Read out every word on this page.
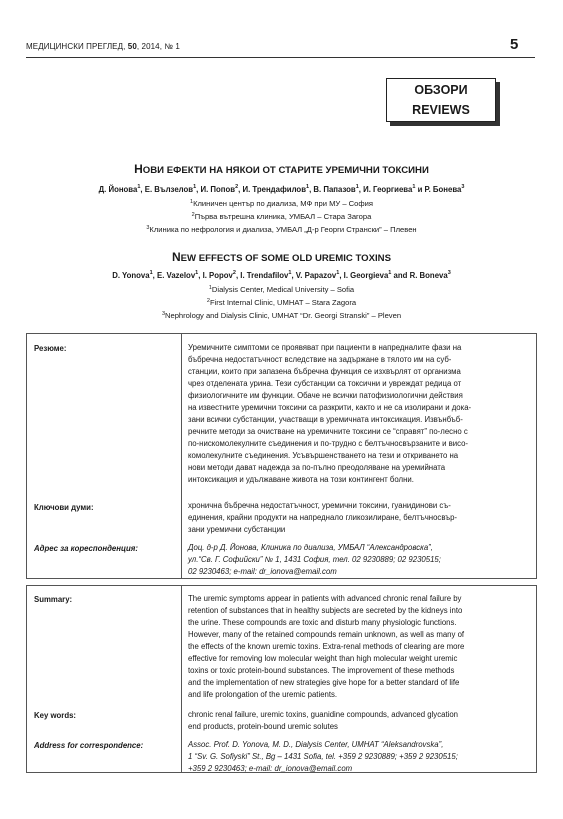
МЕДИЦИНСКИ ПРЕГЛЕД, 50, 2014, № 1	5
ОБЗОРИ
REVIEWS
НОВИ ЕФЕКТИ НА НЯКОИ ОТ СТАРИТЕ УРЕМИЧНИ ТОКСИНИ
Д. Йонова$^1$, Е. Вълзелов$^1$, И. Попов$^2$, И. Трендафилов$^1$, В. Папазов$^1$, И. Георгиева$^1$ и Р. Бонева$^3$
$^1$Клиничен център по диализа, МФ при МУ – София
$^2$Първа вътрешна клиника, УМБАЛ – Стара Загора
$^3$Клиника по нефрология и диализа, УМБАЛ „Д-р Георги Странски” – Плевен
NEW EFFECTS OF SOME OLD UREMIC TOXINS
D. Yonova$^1$, E. Vazelov$^1$, I. Popov$^2$, I. Trendafilov$^1$, V. Papazov$^1$, I. Georgieva$^1$ and R. Boneva$^3$
$^1$Dialysis Center, Medical University – Sofia
$^2$First Internal Clinic, UMHAT – Stara Zagora
$^3$Nephrology and Dialysis Clinic, UMHAT “Dr. Georgi Stranski” – Pleven
Резюме:	Уремичните симптоми се проявяват при пациенти в напредналите фази на
бъбречна недостатъчност вследствие на задържане в тялото им на суб-
станции, които при запазена бъбречна функция се изхвърлят от организма
чрез отделената урина. Тези субстанции са токсични и увреждат редица от
физиологичните им функции. Обаче не всички патофизиологични действия
на известните уремични токсини са разкрити, както и не са изолирани и дока-
зани всички субстанции, участващи в уремичната интоксикация. Извънбъб-
речните методи за очистване на уремичните токсини се “справят” по-лесно с
по-нискомолекулните съединения и по-трудно с белтъчносвързаните и висо-
комолекулните съединения. Усъвършенстването на тези и откриването на
нови методи дават надежда за по-пълно преодоляване на уремийната
интоксикация и удължаване живота на този контингент болни.
Ключови думи:	хронична бъбречна недостатъчност, уремични токсини, гуанидинови съ-
единения, крайни продукти на напреднало гликозилиране, белтъчносвър-
зани уремични субстанции
Адрес за кореспонденция:	Доц. д-р Д. Йонова, Клиника по диализа, УМБАЛ “Александровска”,
ул.“Св. Г. Софийски” № 1, 1431 София, тел. 02 9230889; 02 9230515;
02 9230463; e-mail: dr_ionova@email.com
Summary:	The uremic symptoms appear in patients with advanced chronic renal failure by
retention of substances that in healthy subjects are secreted by the kidneys into
the urine. These compounds are toxic and disturb many physiologic functions.
However, many of the retained compounds remain unknown, as well as many of
the effects of the known uremic toxins. Extra-renal methods of clearing are more
effective for removing low molecular weight than high molecular weight uremic
toxins or toxic protein-bound substances. The improvement of these methods
and the implementation of new strategies give hope for a better standard of life
and life prolongation of the uremic patients.
Key words:	chronic renal failure, uremic toxins, guanidine compounds, advanced glycation
end products, protein-bound uremic solutes
Address for correspondence:	Assoc. Prof. D. Yonova, M. D., Dialysis Center, UMHAT “Aleksandrovska”,
1 “Sv. G. Sofiyski” St., Bg – 1431 Sofia, tel. +359 2 9230889; +359 2 9230515;
+359 2 9230463; e-mail: dr_ionova@email.com
